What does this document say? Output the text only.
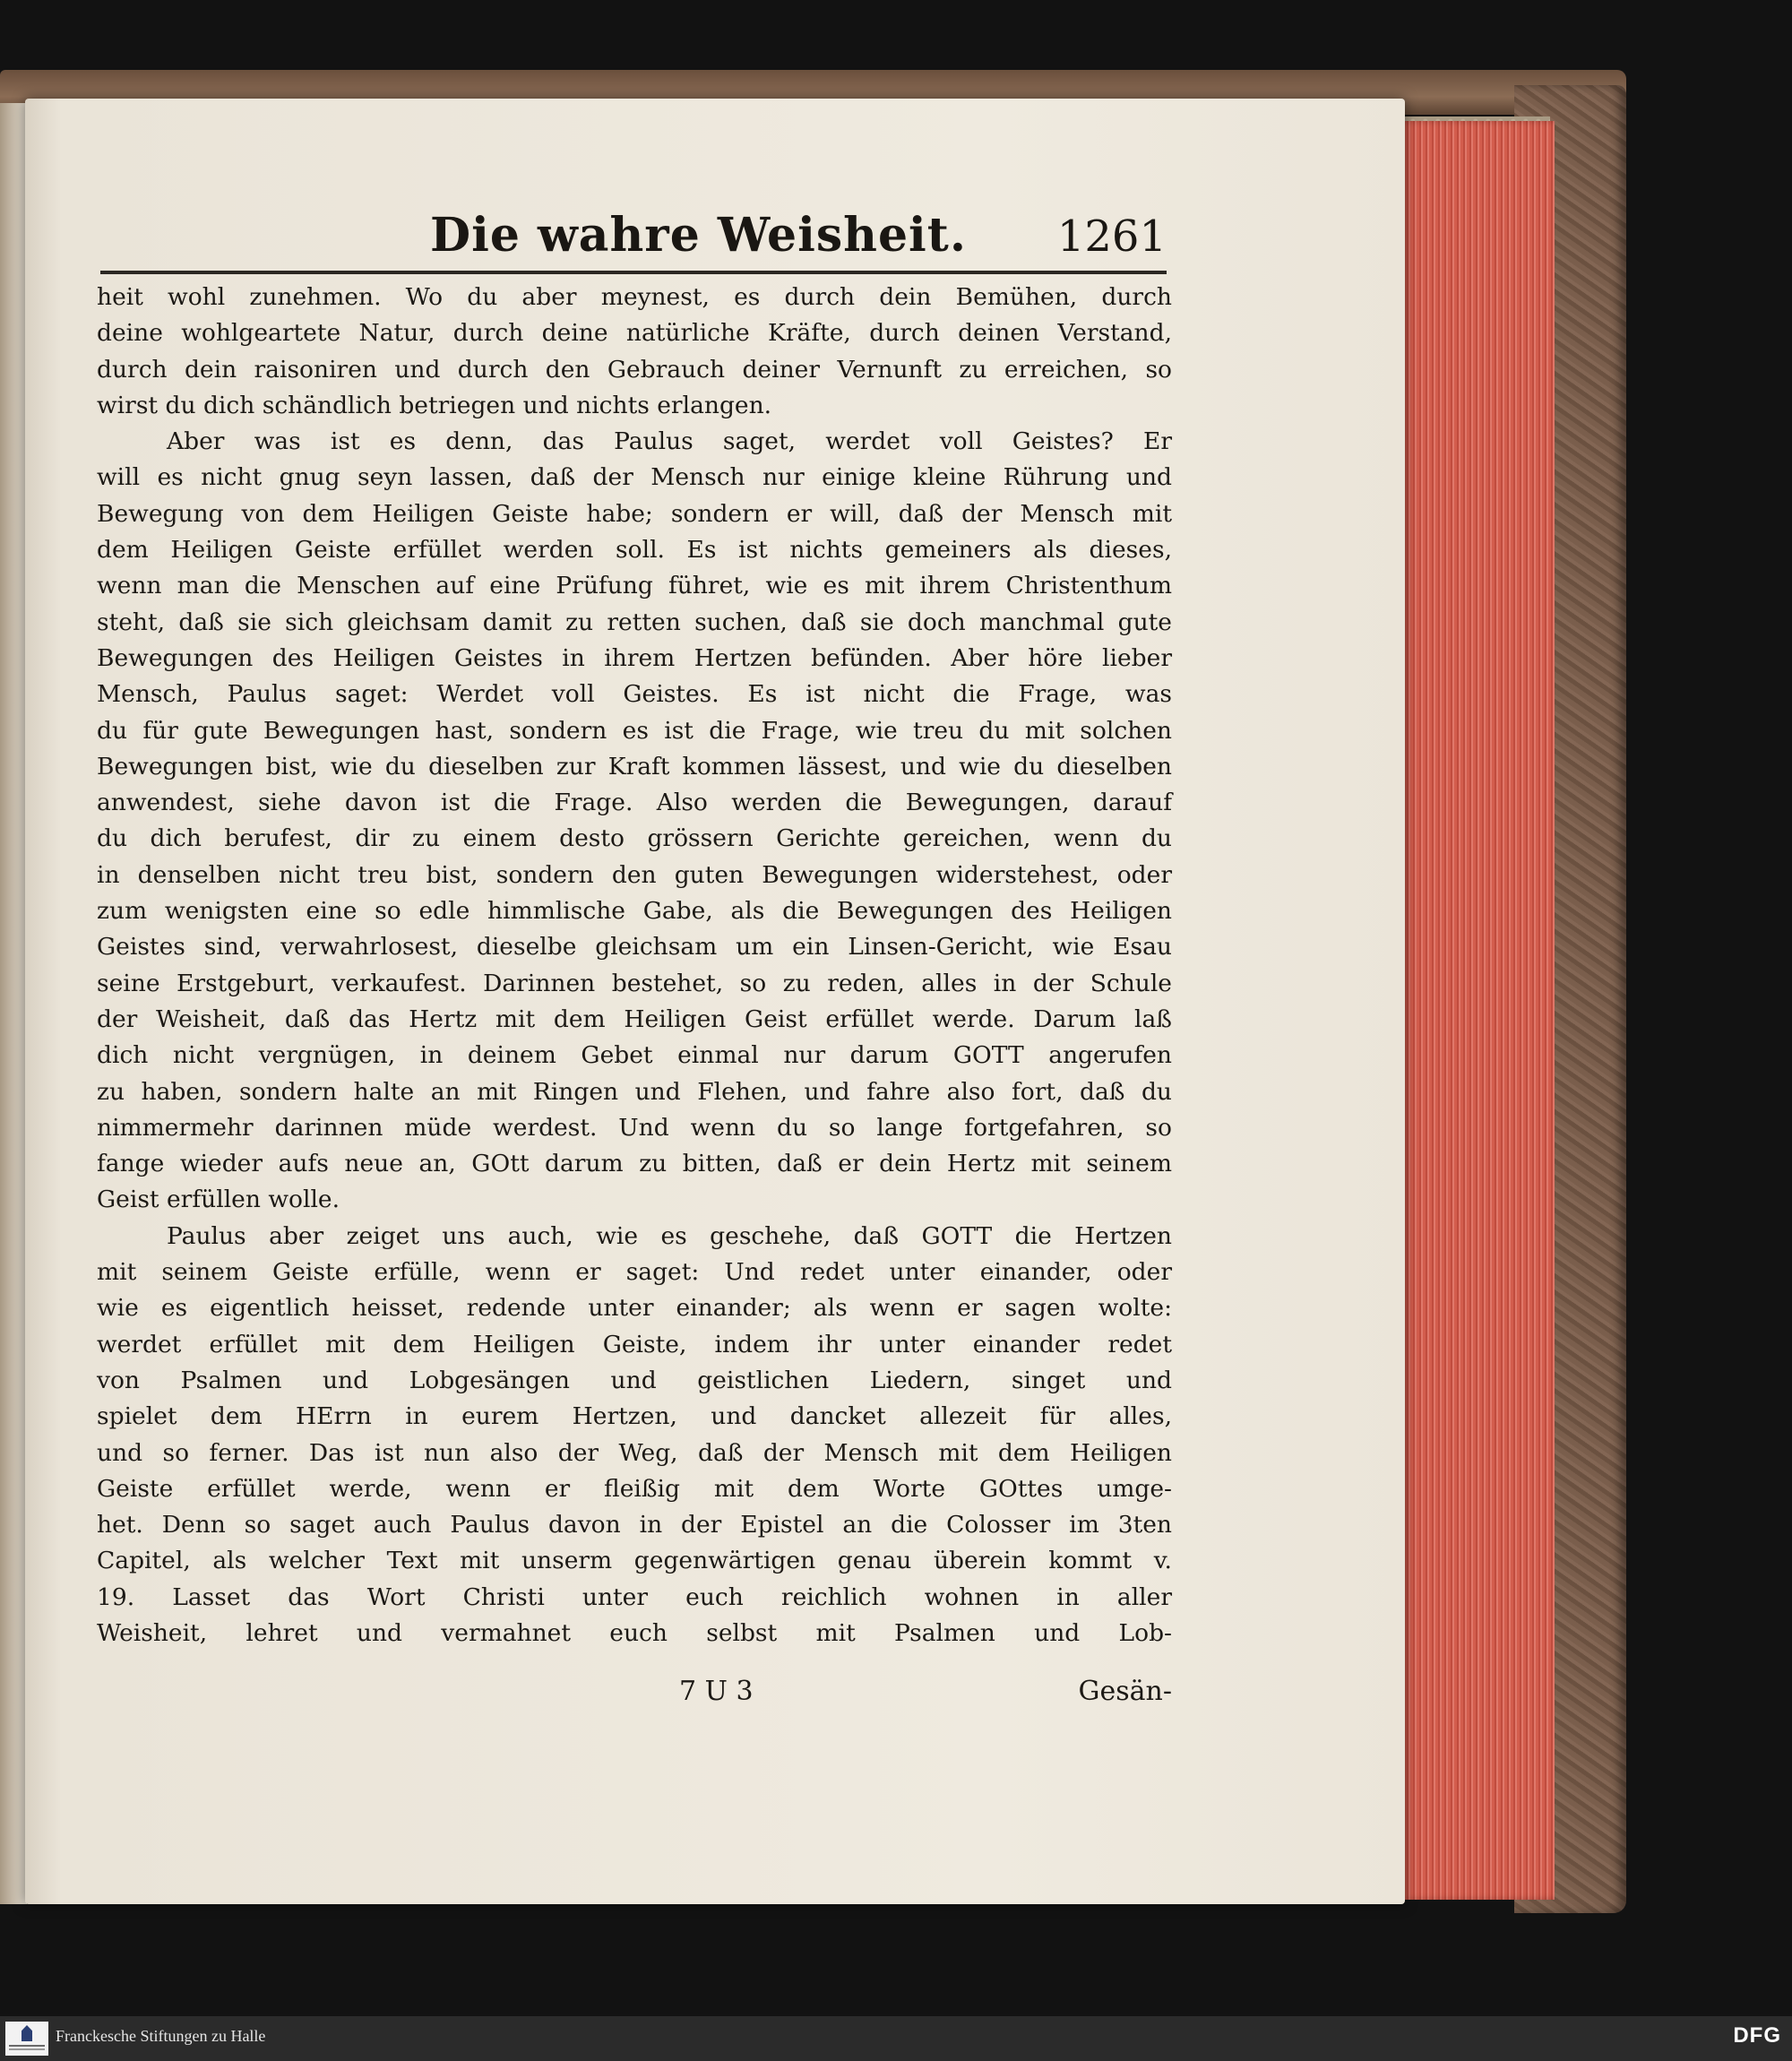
Die wahre Weisheit. 1261
heit wohl zunehmen. Wo du aber meynest, es durch dein Bemühen, durch
deine wohlgeartete Natur, durch deine natürliche Kräfte, durch deinen Verstand,
durch dein raisoniren und durch den Gebrauch deiner Vernunft zu erreichen, so
wirst du dich schändlich betriegen und nichts erlangen.
Aber was ist es denn, das Paulus saget, werdet voll Geistes? Er
will es nicht gnug seyn lassen, daß der Mensch nur einige kleine Rührung und
Bewegung von dem Heiligen Geiste habe; sondern er will, daß der Mensch mit
dem Heiligen Geiste erfüllet werden soll. Es ist nichts gemeiners als dieses,
wenn man die Menschen auf eine Prüfung führet, wie es mit ihrem Christenthum
steht, daß sie sich gleichsam damit zu retten suchen, daß sie doch manchmal gute
Bewegungen des Heiligen Geistes in ihrem Hertzen befünden. Aber höre lieber
Mensch, Paulus saget: Werdet voll Geistes. Es ist nicht die Frage, was
du für gute Bewegungen hast, sondern es ist die Frage, wie treu du mit solchen
Bewegungen bist, wie du dieselben zur Kraft kommen lässest, und wie du dieselben
anwendest, siehe davon ist die Frage. Also werden die Bewegungen, darauf
du dich berufest, dir zu einem desto grössern Gerichte gereichen, wenn du
in denselben nicht treu bist, sondern den guten Bewegungen widerstehest, oder
zum wenigsten eine so edle himmlische Gabe, als die Bewegungen des Heiligen
Geistes sind, verwahrlosest, dieselbe gleichsam um ein Linsen-Gericht, wie Esau
seine Erstgeburt, verkaufest. Darinnen bestehet, so zu reden, alles in der Schule
der Weisheit, daß das Hertz mit dem Heiligen Geist erfüllet werde. Darum laß
dich nicht vergnügen, in deinem Gebet einmal nur darum GOTT angerufen
zu haben, sondern halte an mit Ringen und Flehen, und fahre also fort, daß du
nimmermehr darinnen müde werdest. Und wenn du so lange fortgefahren, so
fange wieder aufs neue an, GOtt darum zu bitten, daß er dein Hertz mit seinem
Geist erfüllen wolle.
Paulus aber zeiget uns auch, wie es geschehe, daß GOTT die Hertzen
mit seinem Geiste erfülle, wenn er saget: Und redet unter einander, oder
wie es eigentlich heisset, redende unter einander; als wenn er sagen wolte:
werdet erfüllet mit dem Heiligen Geiste, indem ihr unter einander redet
von Psalmen und Lobgesängen und geistlichen Liedern, singet und
spielet dem HErrn in eurem Hertzen, und dancket allezeit für alles,
und so ferner. Das ist nun also der Weg, daß der Mensch mit dem Heiligen
Geiste erfüllet werde, wenn er fleißig mit dem Worte GOttes umge-
het. Denn so saget auch Paulus davon in der Epistel an die Colosser im 3ten
Capitel, als welcher Text mit unserm gegenwärtigen genau überein kommt v.
19. Lasset das Wort Christi unter euch reichlich wohnen in aller
Weisheit, lehret und vermahnet euch selbst mit Psalmen und Lob-
7 U 3	Gesän-
Franckesche Stiftungen zu Halle	DFG
